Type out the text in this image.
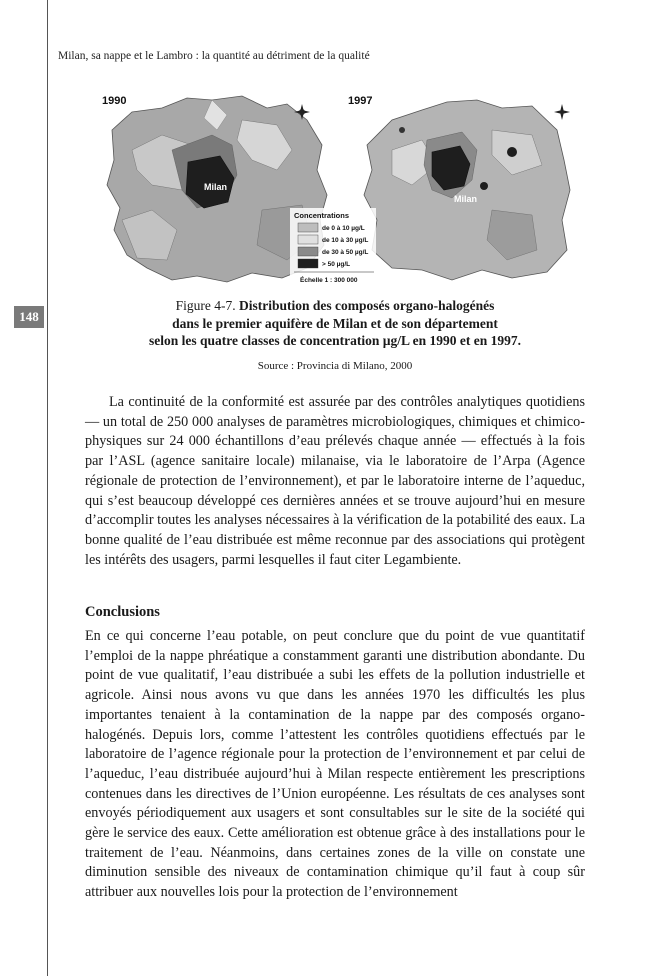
148
Milan, sa nappe et le Lambro : la quantité au détriment de la qualité
1990
Milan
1997
Milan
Concentrations
de 0 à 10 µg/L
de 10 à 30 µg/L
de 30 à 50 µg/L
> 50 µg/L
Échelle 1 : 300 000
Figure 4-7. Distribution des composés organo-halogénés
dans le premier aquifère de Milan et de son département
selon les quatre classes de concentration µg/L en 1990 et en 1997.
Source : Provincia di Milano, 2000
La continuité de la conformité est assurée par des contrôles analytiques quotidiens — un total de 250 000 analyses de paramètres microbiologiques, chimiques et chimico-physiques sur 24 000 échantillons d’eau prélevés chaque année — effectués à la fois par l’ASL (agence sanitaire locale) milanaise, via le laboratoire de l’Arpa (Agence régionale de protection de l’environnement), et par le laboratoire interne de l’aqueduc, qui s’est beaucoup développé ces dernières années et se trouve aujourd’hui en mesure d’accomplir toutes les analyses nécessaires à la vérification de la potabilité des eaux. La bonne qualité de l’eau distribuée est même reconnue par des associations qui protègent les intérêts des usagers, parmi lesquelles il faut citer Legambiente.
Conclusions
En ce qui concerne l’eau potable, on peut conclure que du point de vue quantitatif l’emploi de la nappe phréatique a constamment garanti une distribution abondante. Du point de vue qualitatif, l’eau distribuée a subi les effets de la pollution industrielle et agricole. Ainsi nous avons vu que dans les années 1970 les difficultés les plus importantes tenaient à la contamination de la nappe par des composés organo-halogénés. Depuis lors, comme l’attestent les contrôles quotidiens effectués par le laboratoire de l’agence régionale pour la protection de l’environnement et par celui de l’aqueduc, l’eau distribuée aujourd’hui à Milan respecte entièrement les prescriptions contenues dans les directives de l’Union européenne. Les résultats de ces analyses sont envoyés périodiquement aux usagers et sont consultables sur le site de la société qui gère le service des eaux. Cette amélioration est obtenue grâce à des installations pour le traitement de l’eau. Néanmoins, dans certaines zones de la ville on constate une diminution sensible des niveaux de contamination chimique qu’il faut à coup sûr attribuer aux nouvelles lois pour la protection de l’environnement
